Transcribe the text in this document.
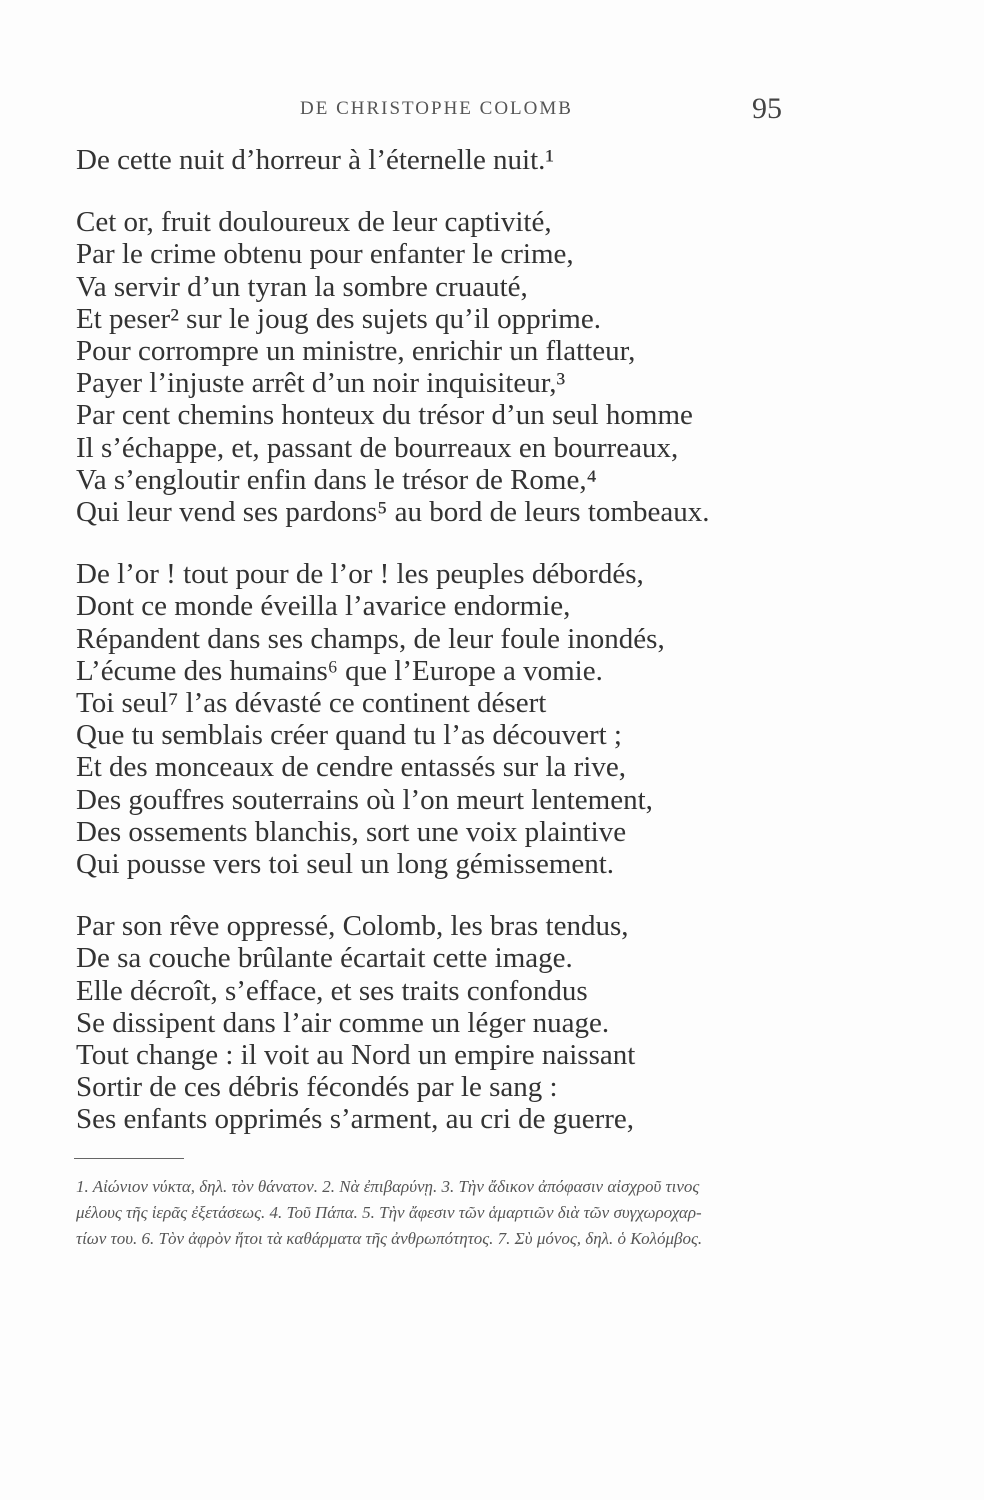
DE CHRISTOPHE COLOMB	95
De cette nuit d’horreur à l’éternelle nuit.¹
Cet or, fruit douloureux de leur captivité,
Par le crime obtenu pour enfanter le crime,
Va servir d’un tyran la sombre cruauté,
Et peser² sur le joug des sujets qu’il opprime.
Pour corrompre un ministre, enrichir un flatteur,
Payer l’injuste arrêt d’un noir inquisiteur,³
Par cent chemins honteux du trésor d’un seul homme
Il s’échappe, et, passant de bourreaux en bourreaux,
Va s’engloutir enfin dans le trésor de Rome,⁴
Qui leur vend ses pardons⁵ au bord de leurs tombeaux.
De l’or ! tout pour de l’or ! les peuples débordés,
Dont ce monde éveilla l’avarice endormie,
Répandent dans ses champs, de leur foule inondés,
L’écume des humains⁶ que l’Europe a vomie.
Toi seul⁷ l’as dévasté ce continent désert
Que tu semblais créer quand tu l’as découvert ;
Et des monceaux de cendre entassés sur la rive,
Des gouffres souterrains où l’on meurt lentement,
Des ossements blanchis, sort une voix plaintive
Qui pousse vers toi seul un long gémissement.
Par son rêve oppressé, Colomb, les bras tendus,
De sa couche brûlante écartait cette image.
Elle décroît, s’efface, et ses traits confondus
Se dissipent dans l’air comme un léger nuage.
Tout change : il voit au Nord un empire naissant
Sortir de ces débris fécondés par le sang :
Ses enfants opprimés s’arment, au cri de guerre,
1. Αἰώνιον νύκτα, δηλ. τὸν θάνατον. 2. Νὰ ἐπιβαρύνῃ. 3. Τὴν ἄδικον ἀπόφασιν αἰσχροῦ τινος
μέλους τῆς ἱερᾶς ἐξετάσεως. 4. Τοῦ Πάπα. 5. Τὴν ἄφεσιν τῶν ἁμαρτιῶν διὰ τῶν συγχωροχαρ-
τίων του. 6. Τὸν ἀφρὸν ἤτοι τὰ καθάρματα τῆς ἀνθρωπότητος. 7. Σὺ μόνος, δηλ. ὁ Κολόμβος.
